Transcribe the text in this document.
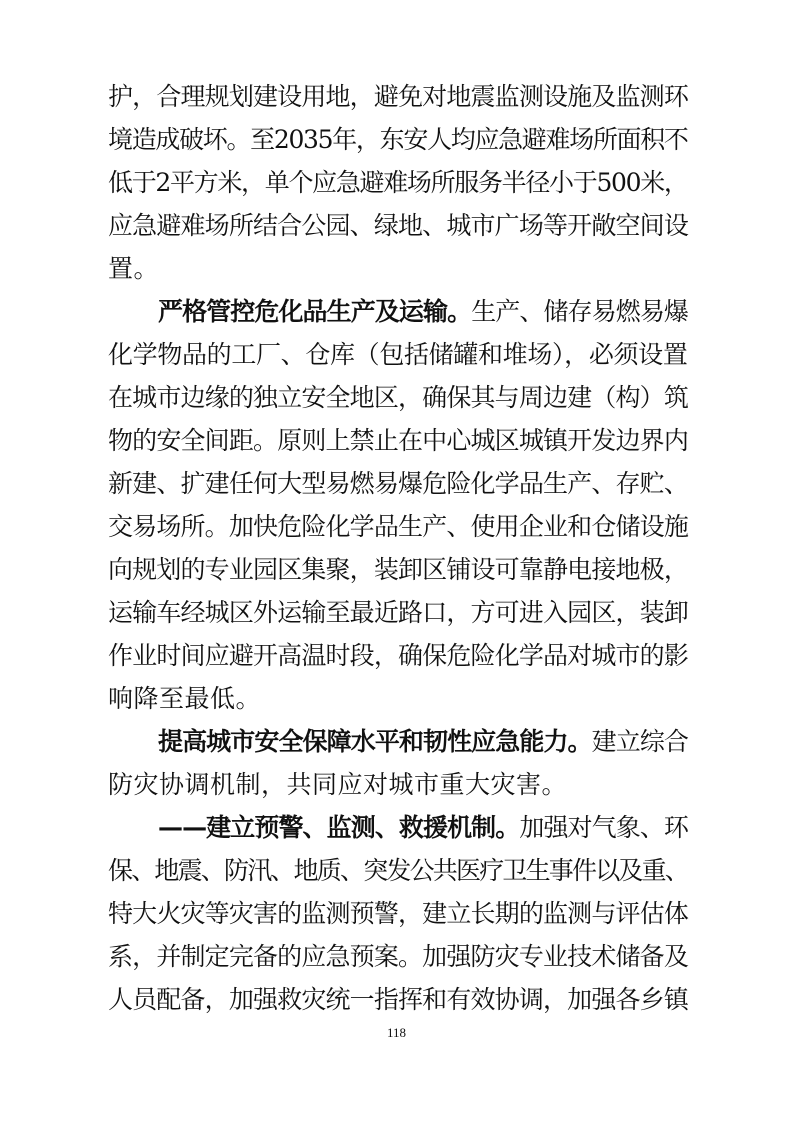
护，合理规划建设用地，避免对地震监测设施及监测环
境造成破坏。至2035年，东安人均应急避难场所面积不
低于2平方米，单个应急避难场所服务半径小于500米，
应急避难场所结合公园、绿地、城市广场等开敞空间设
置。
严格管控危化品生产及运输。生产、储存易燃易爆
化学物品的工厂、仓库（包括储罐和堆场），必须设置
在城市边缘的独立安全地区，确保其与周边建（构）筑
物的安全间距。原则上禁止在中心城区城镇开发边界内
新建、扩建任何大型易燃易爆危险化学品生产、存贮、
交易场所。加快危险化学品生产、使用企业和仓储设施
向规划的专业园区集聚，装卸区铺设可靠静电接地极，
运输车经城区外运输至最近路口，方可进入园区，装卸
作业时间应避开高温时段，确保危险化学品对城市的影
响降至最低。
提高城市安全保障水平和韧性应急能力。建立综合
防灾协调机制，共同应对城市重大灾害。
——建立预警、监测、救援机制。加强对气象、环
保、地震、防汛、地质、突发公共医疗卫生事件以及重、
特大火灾等灾害的监测预警，建立长期的监测与评估体
系，并制定完备的应急预案。加强防灾专业技术储备及
人员配备，加强救灾统一指挥和有效协调，加强各乡镇
118
